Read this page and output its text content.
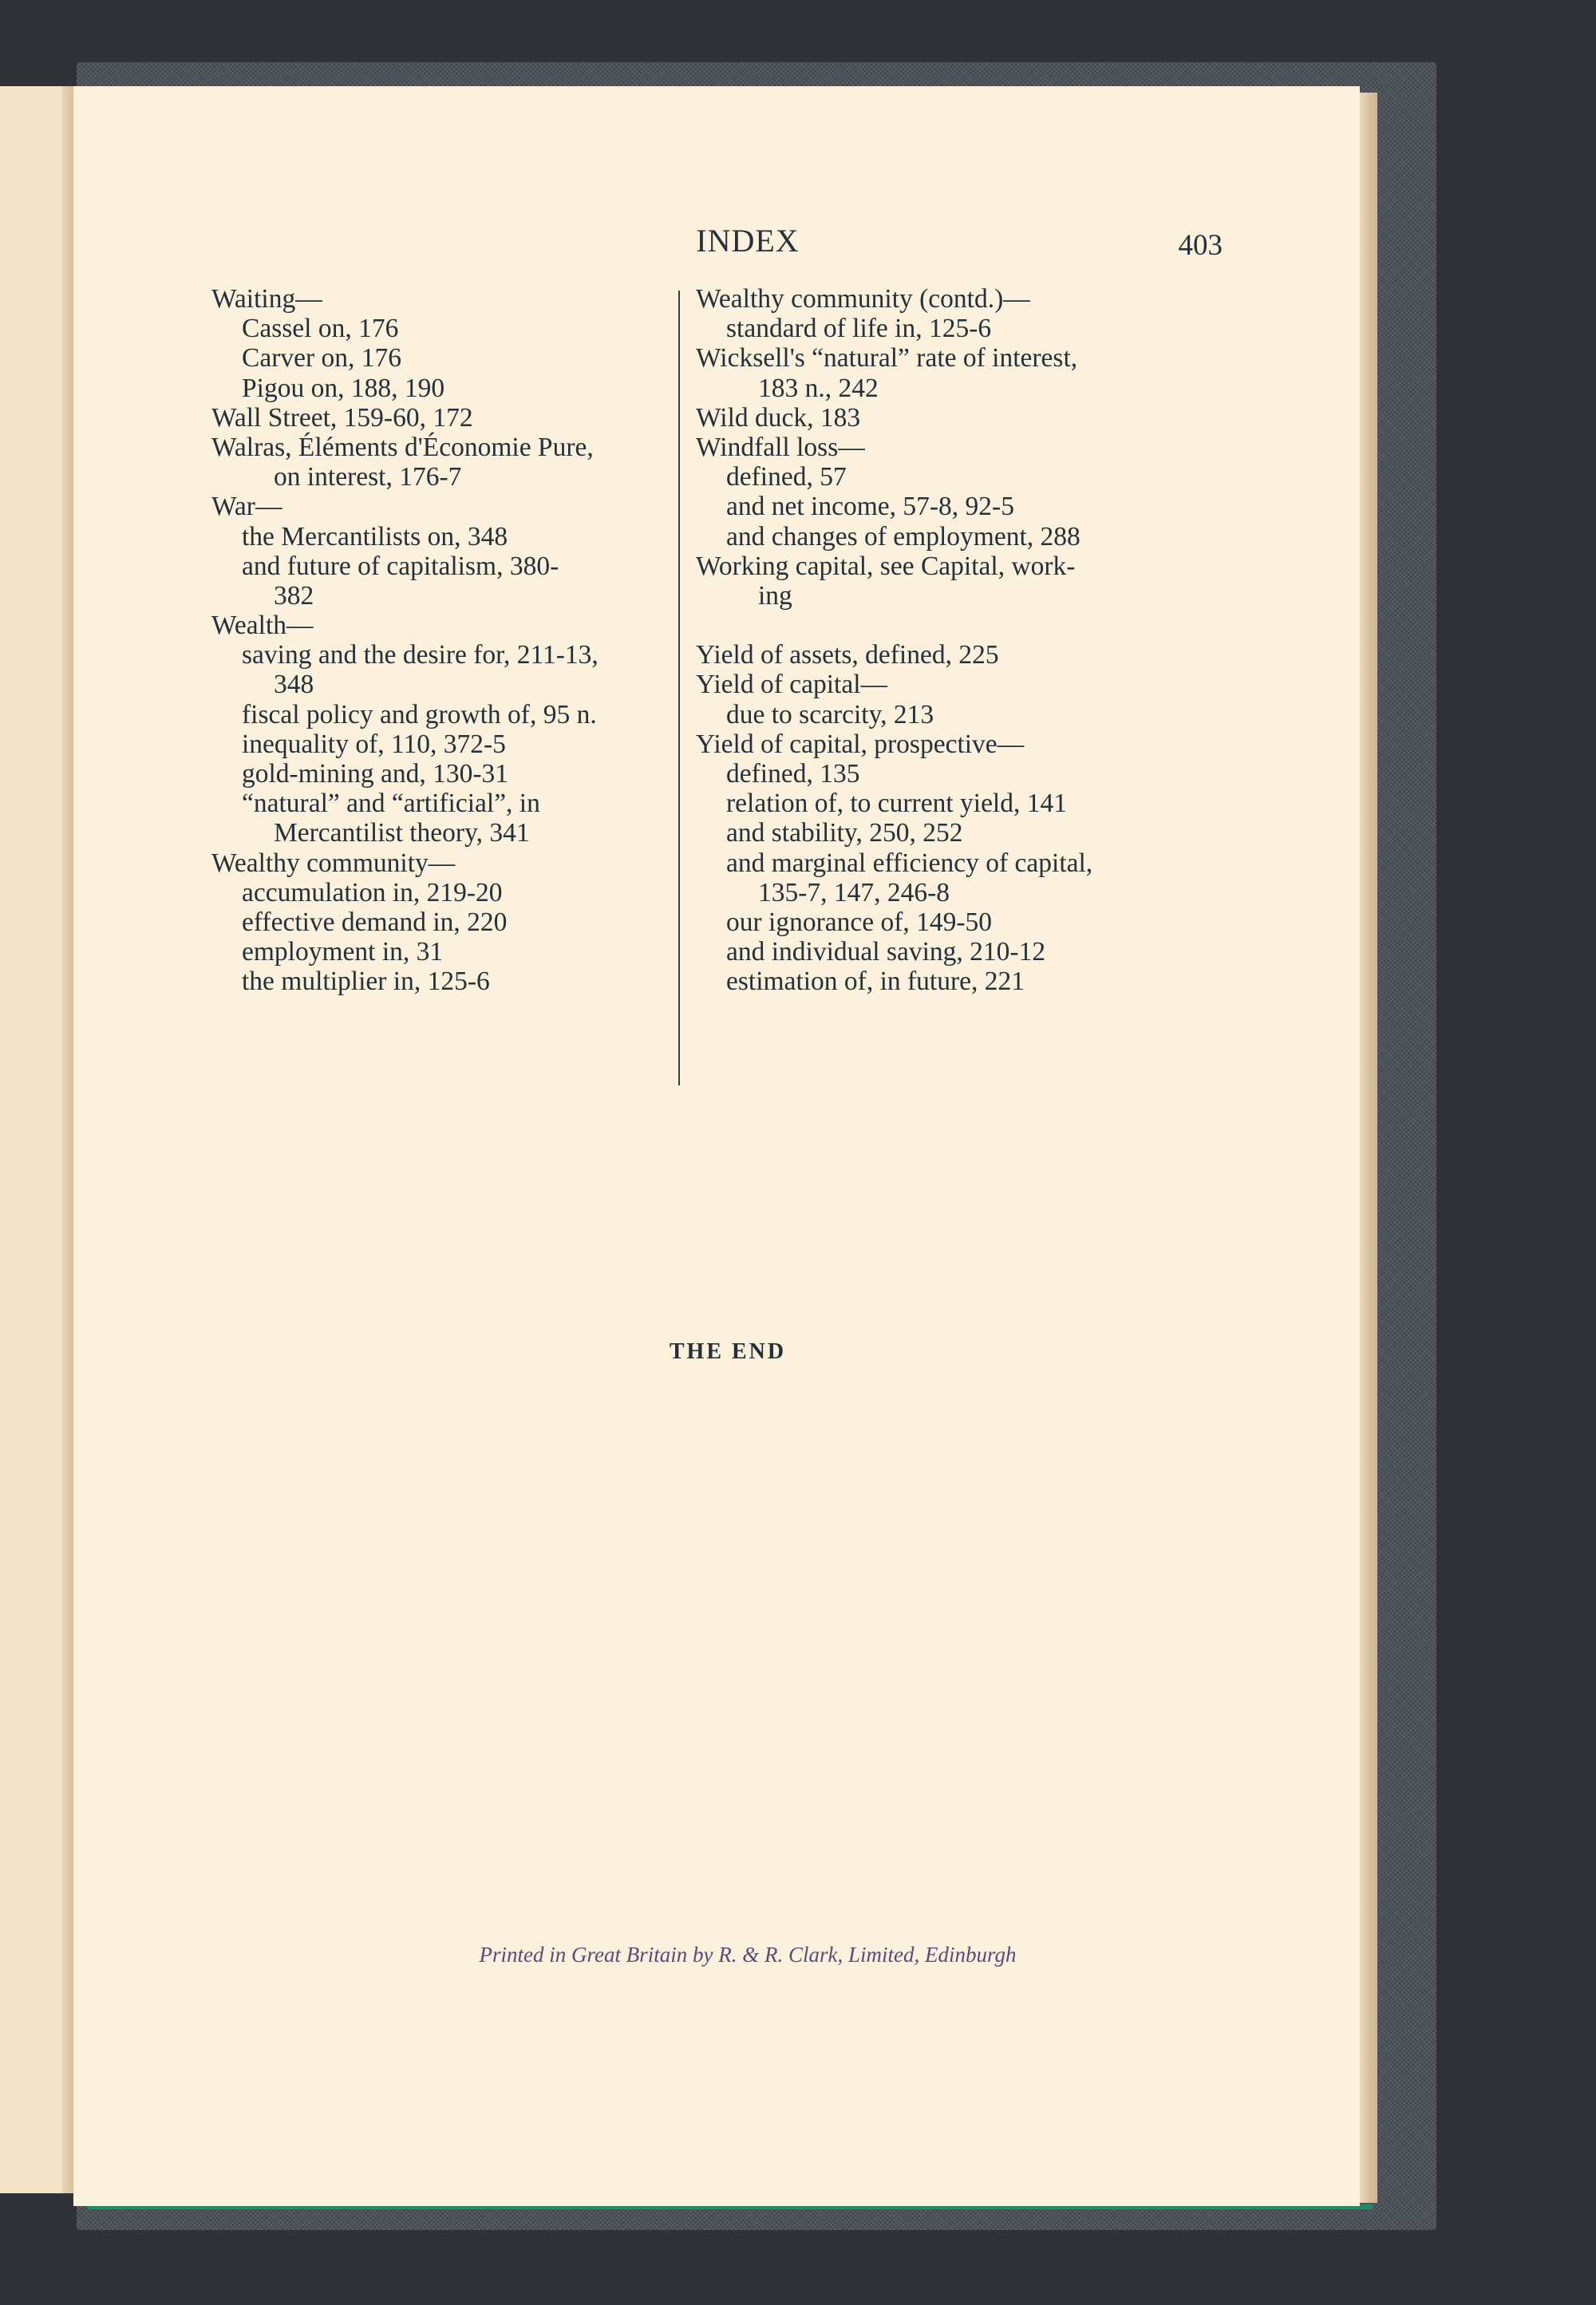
INDEX	403
Waiting—
Cassel on, 176
Carver on, 176
Pigou on, 188, 190
Wall Street, 159-60, 172
Walras, Éléments d'Économie Pure,
on interest, 176-7
War—
the Mercantilists on, 348
and future of capitalism, 380-
382
Wealth—
saving and the desire for, 211-13,
348
fiscal policy and growth of, 95 n.
inequality of, 110, 372-5
gold-mining and, 130-31
“natural” and “artificial”, in
Mercantilist theory, 341
Wealthy community—
accumulation in, 219-20
effective demand in, 220
employment in, 31
the multiplier in, 125-6
Wealthy community (contd.)—
standard of life in, 125-6
Wicksell's “natural” rate of interest,
183 n., 242
Wild duck, 183
Windfall loss—
defined, 57
and net income, 57-8, 92-5
and changes of employment, 288
Working capital, see Capital, work-
ing
Yield of assets, defined, 225
Yield of capital—
due to scarcity, 213
Yield of capital, prospective—
defined, 135
relation of, to current yield, 141
and stability, 250, 252
and marginal efficiency of capital,
135-7, 147, 246-8
our ignorance of, 149-50
and individual saving, 210-12
estimation of, in future, 221
THE END
Printed in Great Britain by R. & R. Clark, Limited, Edinburgh
